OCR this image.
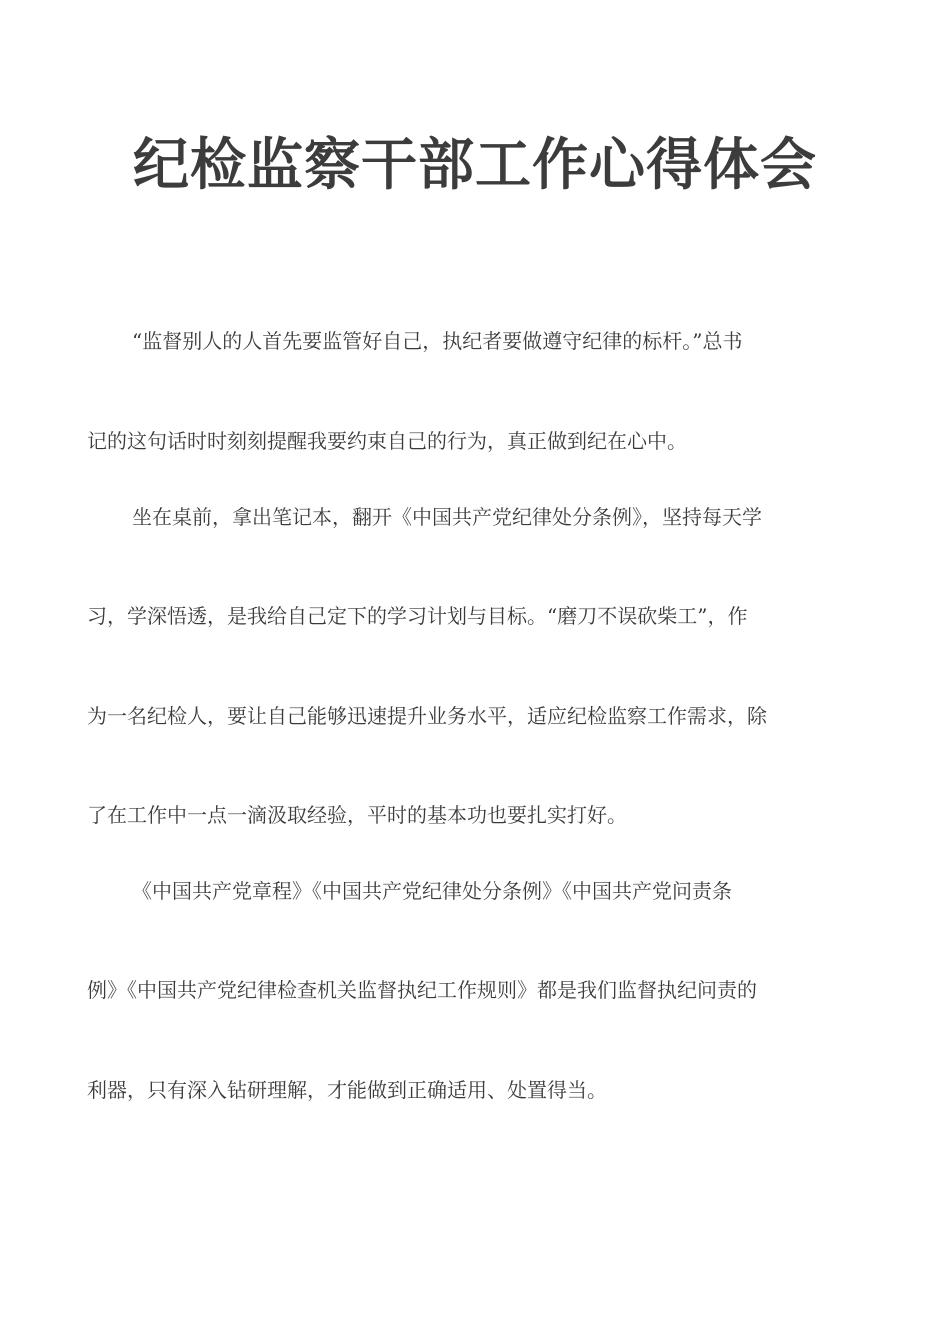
纪检监察干部工作心得体会
“监督别人的人首先要监管好自己，执纪者要做遵守纪律的标杆。”总书
记的这句话时时刻刻提醒我要约束自己的行为，真正做到纪在心中。
坐在桌前，拿出笔记本，翻开《中国共产党纪律处分条例》，坚持每天学
习，学深悟透，是我给自己定下的学习计划与目标。“磨刀不误砍柴工”，作
为一名纪检人，要让自己能够迅速提升业务水平，适应纪检监察工作需求，除
了在工作中一点一滴汲取经验，平时的基本功也要扎实打好。
《中国共产党章程》《中国共产党纪律处分条例》《中国共产党问责条
例》《中国共产党纪律检查机关监督执纪工作规则》都是我们监督执纪问责的
利器，只有深入钻研理解，才能做到正确适用、处置得当。
